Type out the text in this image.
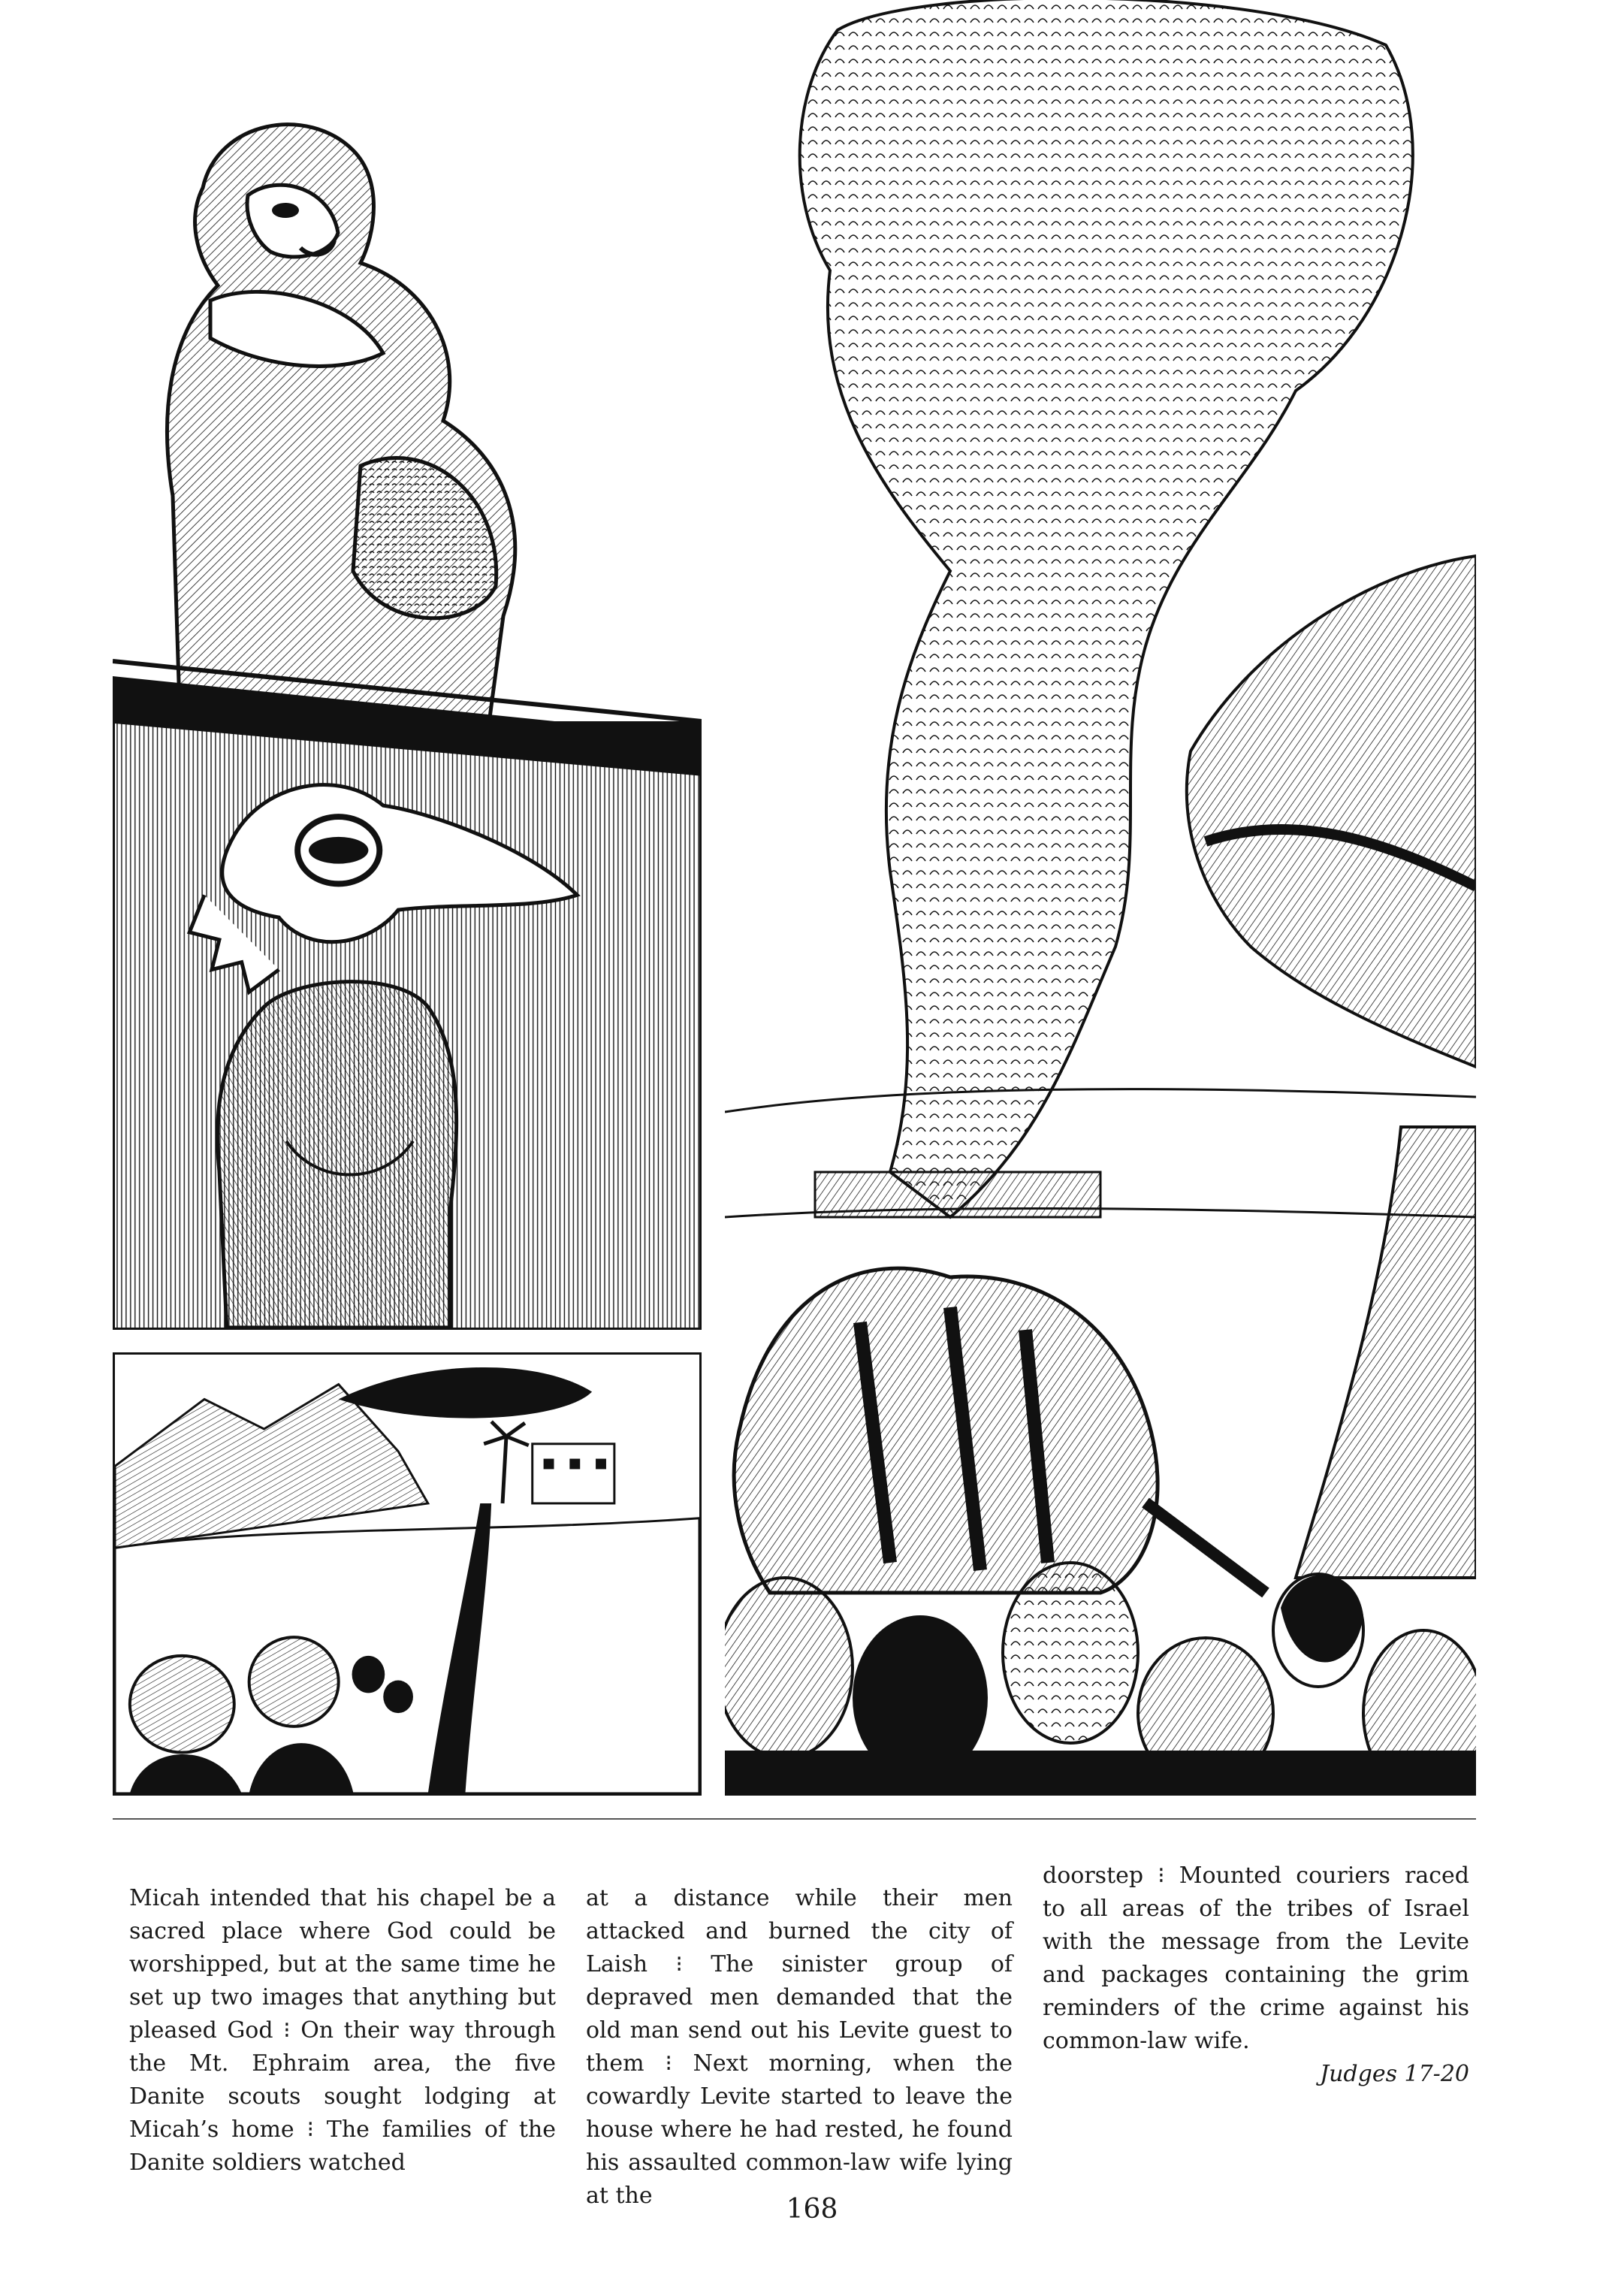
Micah intended that his chapel be a sacred place where God could be worshipped, but at the same time he set up two images that anything but pleased God ⁝ On their way through the Mt. Ephraim area, the five Danite scouts sought lodging at Micah’s home ⁝ The families of the Danite soldiers watched

at a distance while their men attacked and burned the city of Laish ⁝ The sinister group of depraved men demanded that the old man send out his Levite guest to them ⁝ Next morning, when the cowardly Levite started to leave the house where he had rested, he found his assaulted common-law wife lying at the

doorstep ⁝ Mounted couriers raced to all areas of the tribes of Israel with the message from the Levite and packages containing the grim reminders of the crime against his common-law wife.
Judges 17-20
168
